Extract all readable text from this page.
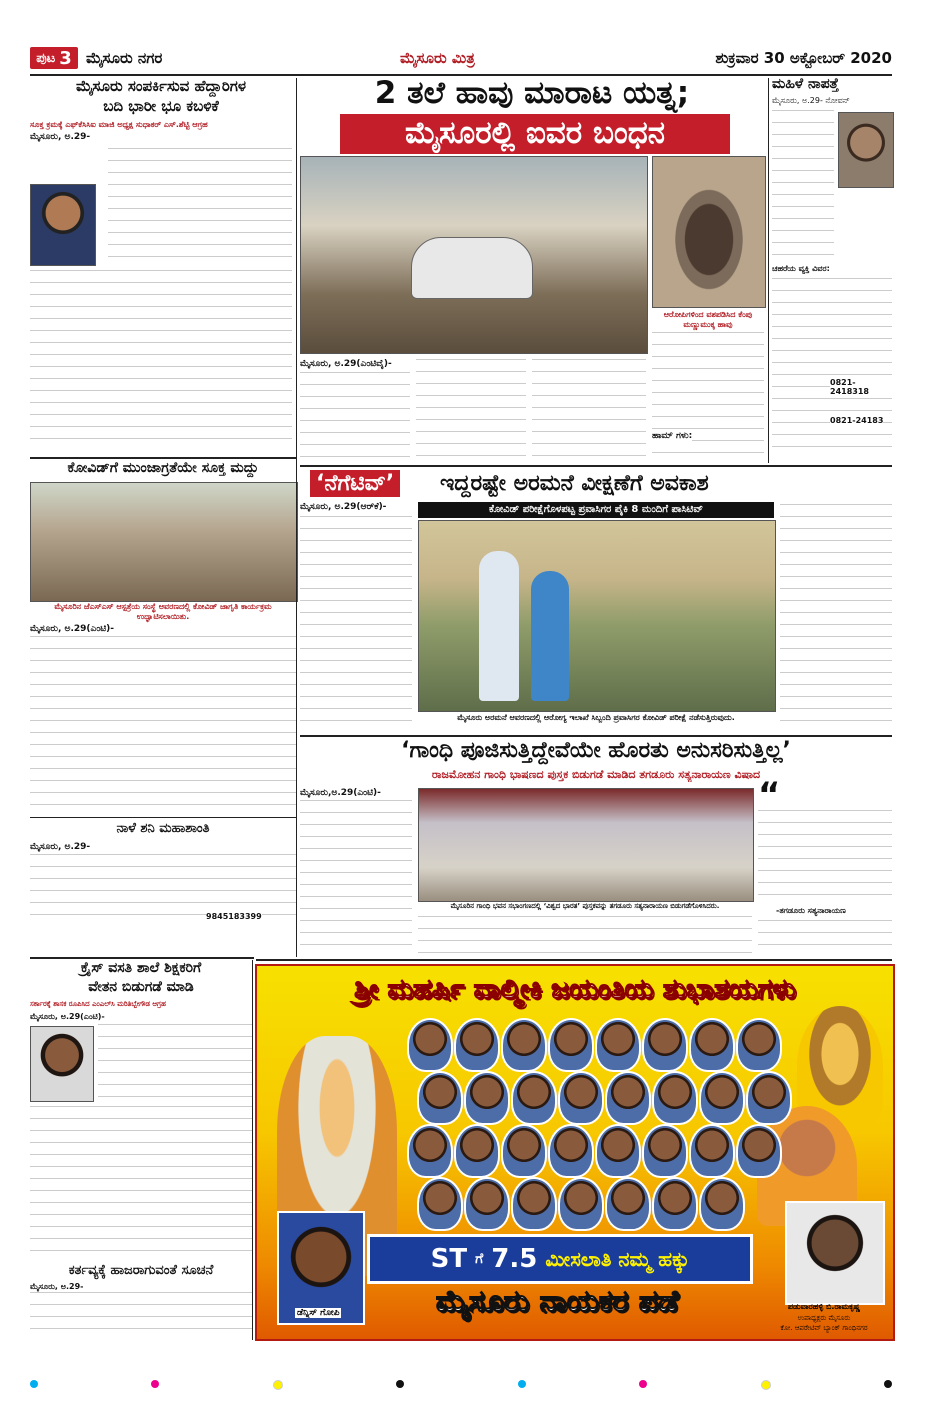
ಪುಟ 3 ಮೈಸೂರು ನಗರ	ಮೈಸೂರು ಮಿತ್ರ	ಶುಕ್ರವಾರ 30 ಅಕ್ಟೋಬರ್ 2020
ಮೈಸೂರು ಸಂಪರ್ಕಿಸುವ ಹೆದ್ದಾರಿಗಳ
ಬದಿ ಭಾರೀ ಭೂ ಕಬಳಿಕೆ
ಸೂಕ್ತ ಕ್ರಮಕ್ಕೆ ಎಫ್‌ಕೆಸಿಸಿಐ ಮಾಜಿ ಅಧ್ಯಕ್ಷ ಸುಧಾಕರ್ ಎಸ್.ಶೆಟ್ಟಿ ಆಗ್ರಹ
ಮೈಸೂರು, ಅ.29-
2 ತಲೆ ಹಾವು ಮಾರಾಟ ಯತ್ನ;
ಮೈಸೂರಲ್ಲಿ ಐವರ ಬಂಧನ
ಆರೋಪಿಗಳಿಂದ ವಶಪಡಿಸಿದ ಕೆಂಪು ಮಣ್ಣುಮುಕ್ಕ ಹಾವು
ಮೈಸೂರು, ಅ.29(ಎಂಟಿವೈ)-
ಹಾಮ್ ಗಳು:
ಮಹಿಳೆ ನಾಪತ್ತೆ
ಮೈಸೂರು, ಅ.29- ನೋವನ್
ಚಹರೆಯ ವ್ಯಕ್ತಿ ವಿವರ:
0821-2418318
0821-24183
ಕೋವಿಡ್‌ಗೆ ಮುಂಜಾಗ್ರತೆಯೇ ಸೂಕ್ತ ಮದ್ದು
ಮೈಸೂರಿನ ಜೆಎಸ್‌ಎಸ್ ಆಸ್ಪತ್ರೆಯ ಸಂಸ್ಥೆ ಆವರಣದಲ್ಲಿ ಕೋವಿಡ್ ಜಾಗೃತಿ ಕಾರ್ಯಕ್ರಮ ಉದ್ಘಾಟಿಸಲಾಯಿತು.
ಮೈಸೂರು, ಅ.29(ಎಂಟಿ)-
ನಾಳೆ ಶನಿ ಮಹಾಶಾಂತಿ
ಮೈಸೂರು, ಅ.29-
9845183399
‘ನೆಗೆಟಿವ್’ ಇದ್ದರಷ್ಟೇ ಅರಮನೆ ವೀಕ್ಷಣೆಗೆ ಅವಕಾಶ
ಮೈಸೂರು, ಅ.29(ಆರ್‌ಕೆ)-	ಕೋವಿಡ್ ಪರೀಕ್ಷೆಗೊಳಪಟ್ಟ ಪ್ರವಾಸಿಗರ ಪೈಕಿ 8 ಮಂದಿಗೆ ಪಾಸಿಟಿವ್
ಮೈಸೂರು ಅರಮನೆ ಆವರಣದಲ್ಲಿ ಆರೋಗ್ಯ ಇಲಾಖೆ ಸಿಬ್ಬಂದಿ ಪ್ರವಾಸಿಗರ ಕೋವಿಡ್ ಪರೀಕ್ಷೆ ನಡೆಸುತ್ತಿರುವುದು.
‘ಗಾಂಧಿ ಪೂಜಿಸುತ್ತಿದ್ದೇವೆಯೇ ಹೊರತು ಅನುಸರಿಸುತ್ತಿಲ್ಲ’
ರಾಜಮೋಹನ ಗಾಂಧಿ ಭಾಷಣದ ಪುಸ್ತಕ ಬಿಡುಗಡೆ ಮಾಡಿದ ತಗಡೂರು ಸತ್ಯನಾರಾಯಣ ವಿಷಾದ
ಮೈಸೂರು,ಅ.29(ಎಂಟಿ)-
ಮೈಸೂರಿನ ಗಾಂಧಿ ಭವನ ಸಭಾಂಗಣದಲ್ಲಿ ‘ವಿಶ್ವದ ಭಾರತ’ ಪುಸ್ತಕವನ್ನು ತಗಡೂರು ಸತ್ಯನಾರಾಯಣ ಬಿಡುಗಡೆಗೊಳಿಸಿದರು.
“
-ತಗಡೂರು ಸತ್ಯನಾರಾಯಣ
ಕ್ರೈಸ್ ವಸತಿ ಶಾಲೆ ಶಿಕ್ಷಕರಿಗೆ
ವೇತನ ಬಿಡುಗಡೆ ಮಾಡಿ
ಸರ್ಕಾರಕ್ಕೆ ಶಾಸಕ ರೂಪಿಸಿದ ಎಂಎಲ್‌ಸಿ ಮರಿತಿಬ್ಬೇಗೌಡ ಆಗ್ರಹ
ಮೈಸೂರು, ಅ.29(ಎಂಟಿ)-
ಕರ್ತವ್ಯಕ್ಕೆ ಹಾಜರಾಗುವಂತೆ ಸೂಚನೆ
ಮೈಸೂರು, ಅ.29-
ಶ್ರೀ ಮಹರ್ಷಿ ವಾಲ್ಮೀಕಿ ಜಯಂತಿಯ ಶುಭಾಶಯಗಳು
ಡೆನ್ನಿಸ್ ಗೋಪಿ
ಪಡುವಾರಹಳ್ಳಿ ಬಿ.ರಾಮಕೃಷ್ಣ
ಉಪಾಧ್ಯಕ್ಷರು ಮೈಸೂರು
ಕೋ. ಆಪರೇಟಿವ್ ಬ್ಯಾಂಕ್ ಗಾಂಧಿನಗರ
ST ಗೆ 7.5 ಮೀಸಲಾತಿ ನಮ್ಮ ಹಕ್ಕು
ಮೈಸೂರು ನಾಯಕರ ಪಡೆ
